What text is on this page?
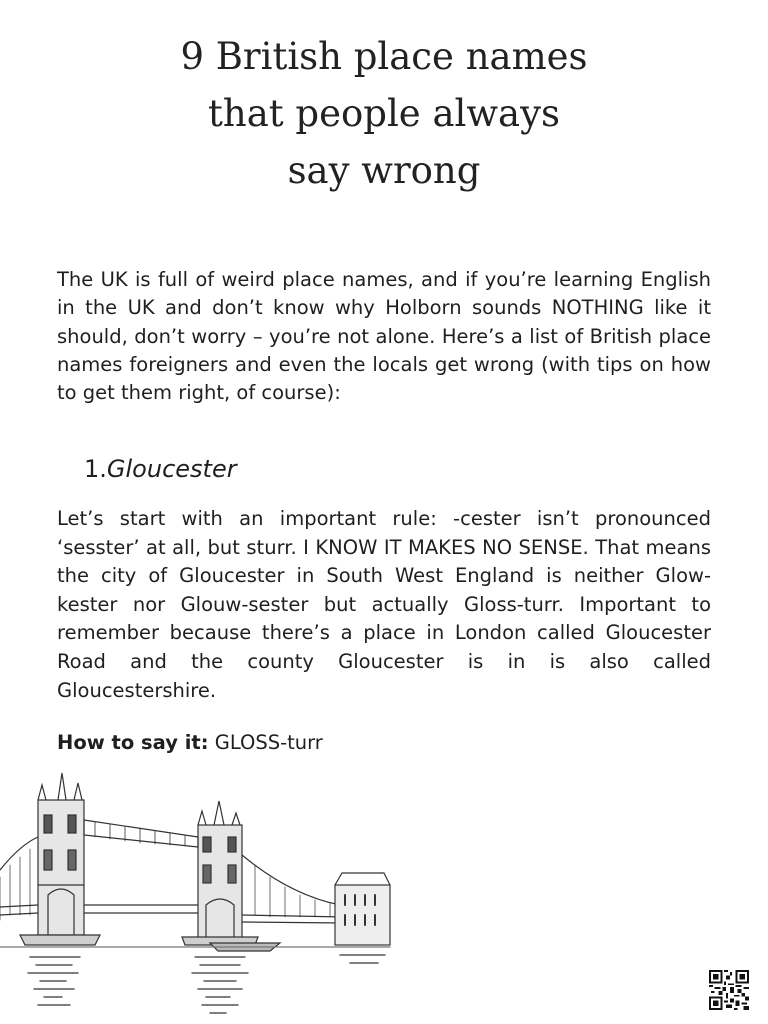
9 British place names
that people always
say wrong

The UK is full of weird place names, and if you’re learning English in the UK and don’t know why Holborn sounds NOTHING like it should, don’t worry – you’re not alone. Here’s a list of British place names foreigners and even the locals get wrong (with tips on how to get them right, of course):

1.Gloucester

Let’s start with an important rule: -cester isn’t pronounced ‘sesster’ at all, but sturr. I KNOW IT MAKES NO SENSE. That means the city of Gloucester in South West England is neither Glow-kester nor Glouw-sester but actually Gloss-turr. Important to remember because there’s a place in London called Gloucester Road and the county Gloucester is in is also called Gloucestershire.

How to say it: GLOSS-turr
